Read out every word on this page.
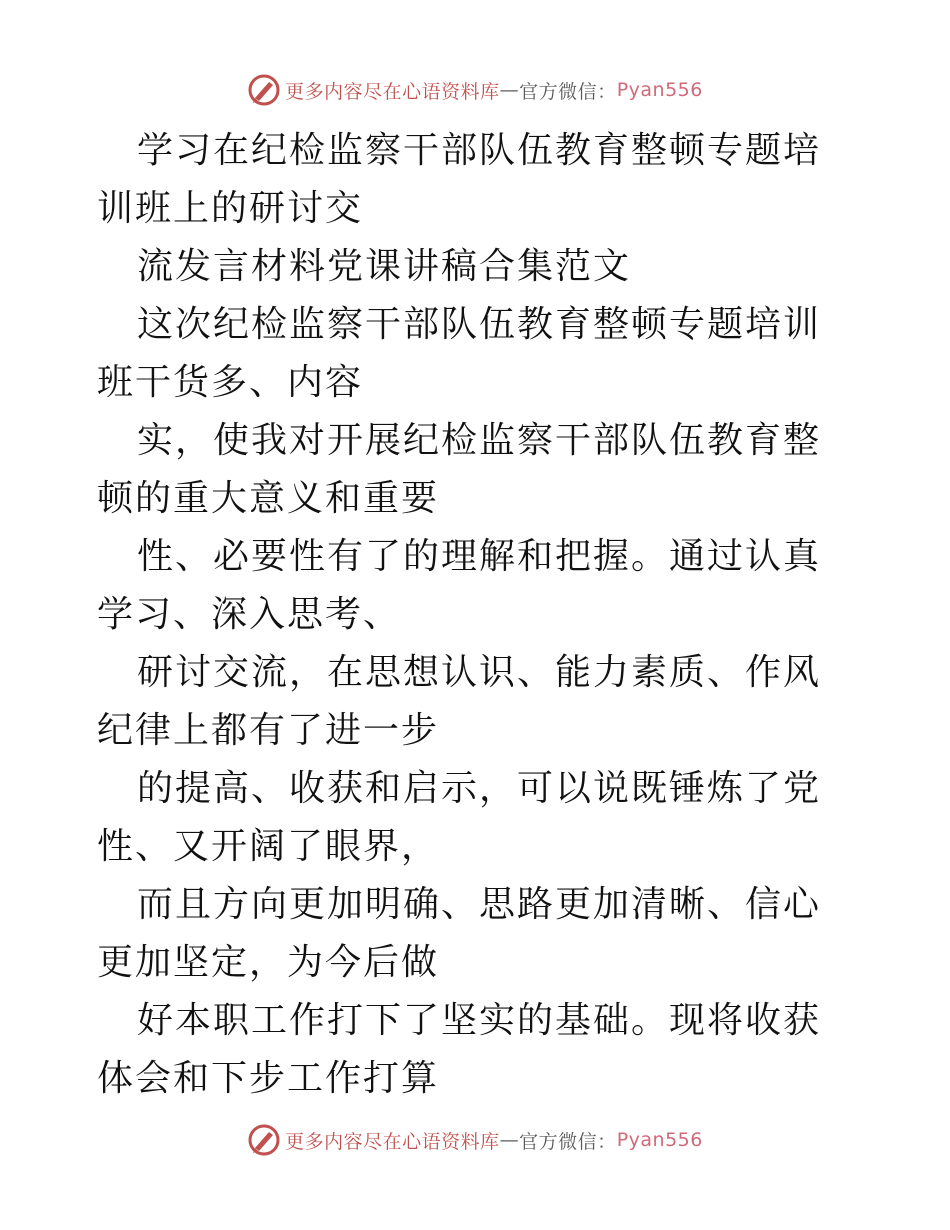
更多内容尽在心语资料库 — 官方微信： Pyan556

学习在纪检监察干部队伍教育整顿专题培训班上的研讨交

流发言材料党课讲稿合集范文

这次纪检监察干部队伍教育整顿专题培训班干货多、内容

实，使我对开展纪检监察干部队伍教育整顿的重大意义和重要

性、必要性有了的理解和把握。通过认真学习、深入思考、

研讨交流，在思想认识、能力素质、作风纪律上都有了进一步

的提高、收获和启示，可以说既锤炼了党性、又开阔了眼界，

而且方向更加明确、思路更加清晰、信心更加坚定，为今后做

好本职工作打下了坚实的基础。现将收获体会和下步工作打算

更多内容尽在心语资料库 — 官方微信： Pyan556
